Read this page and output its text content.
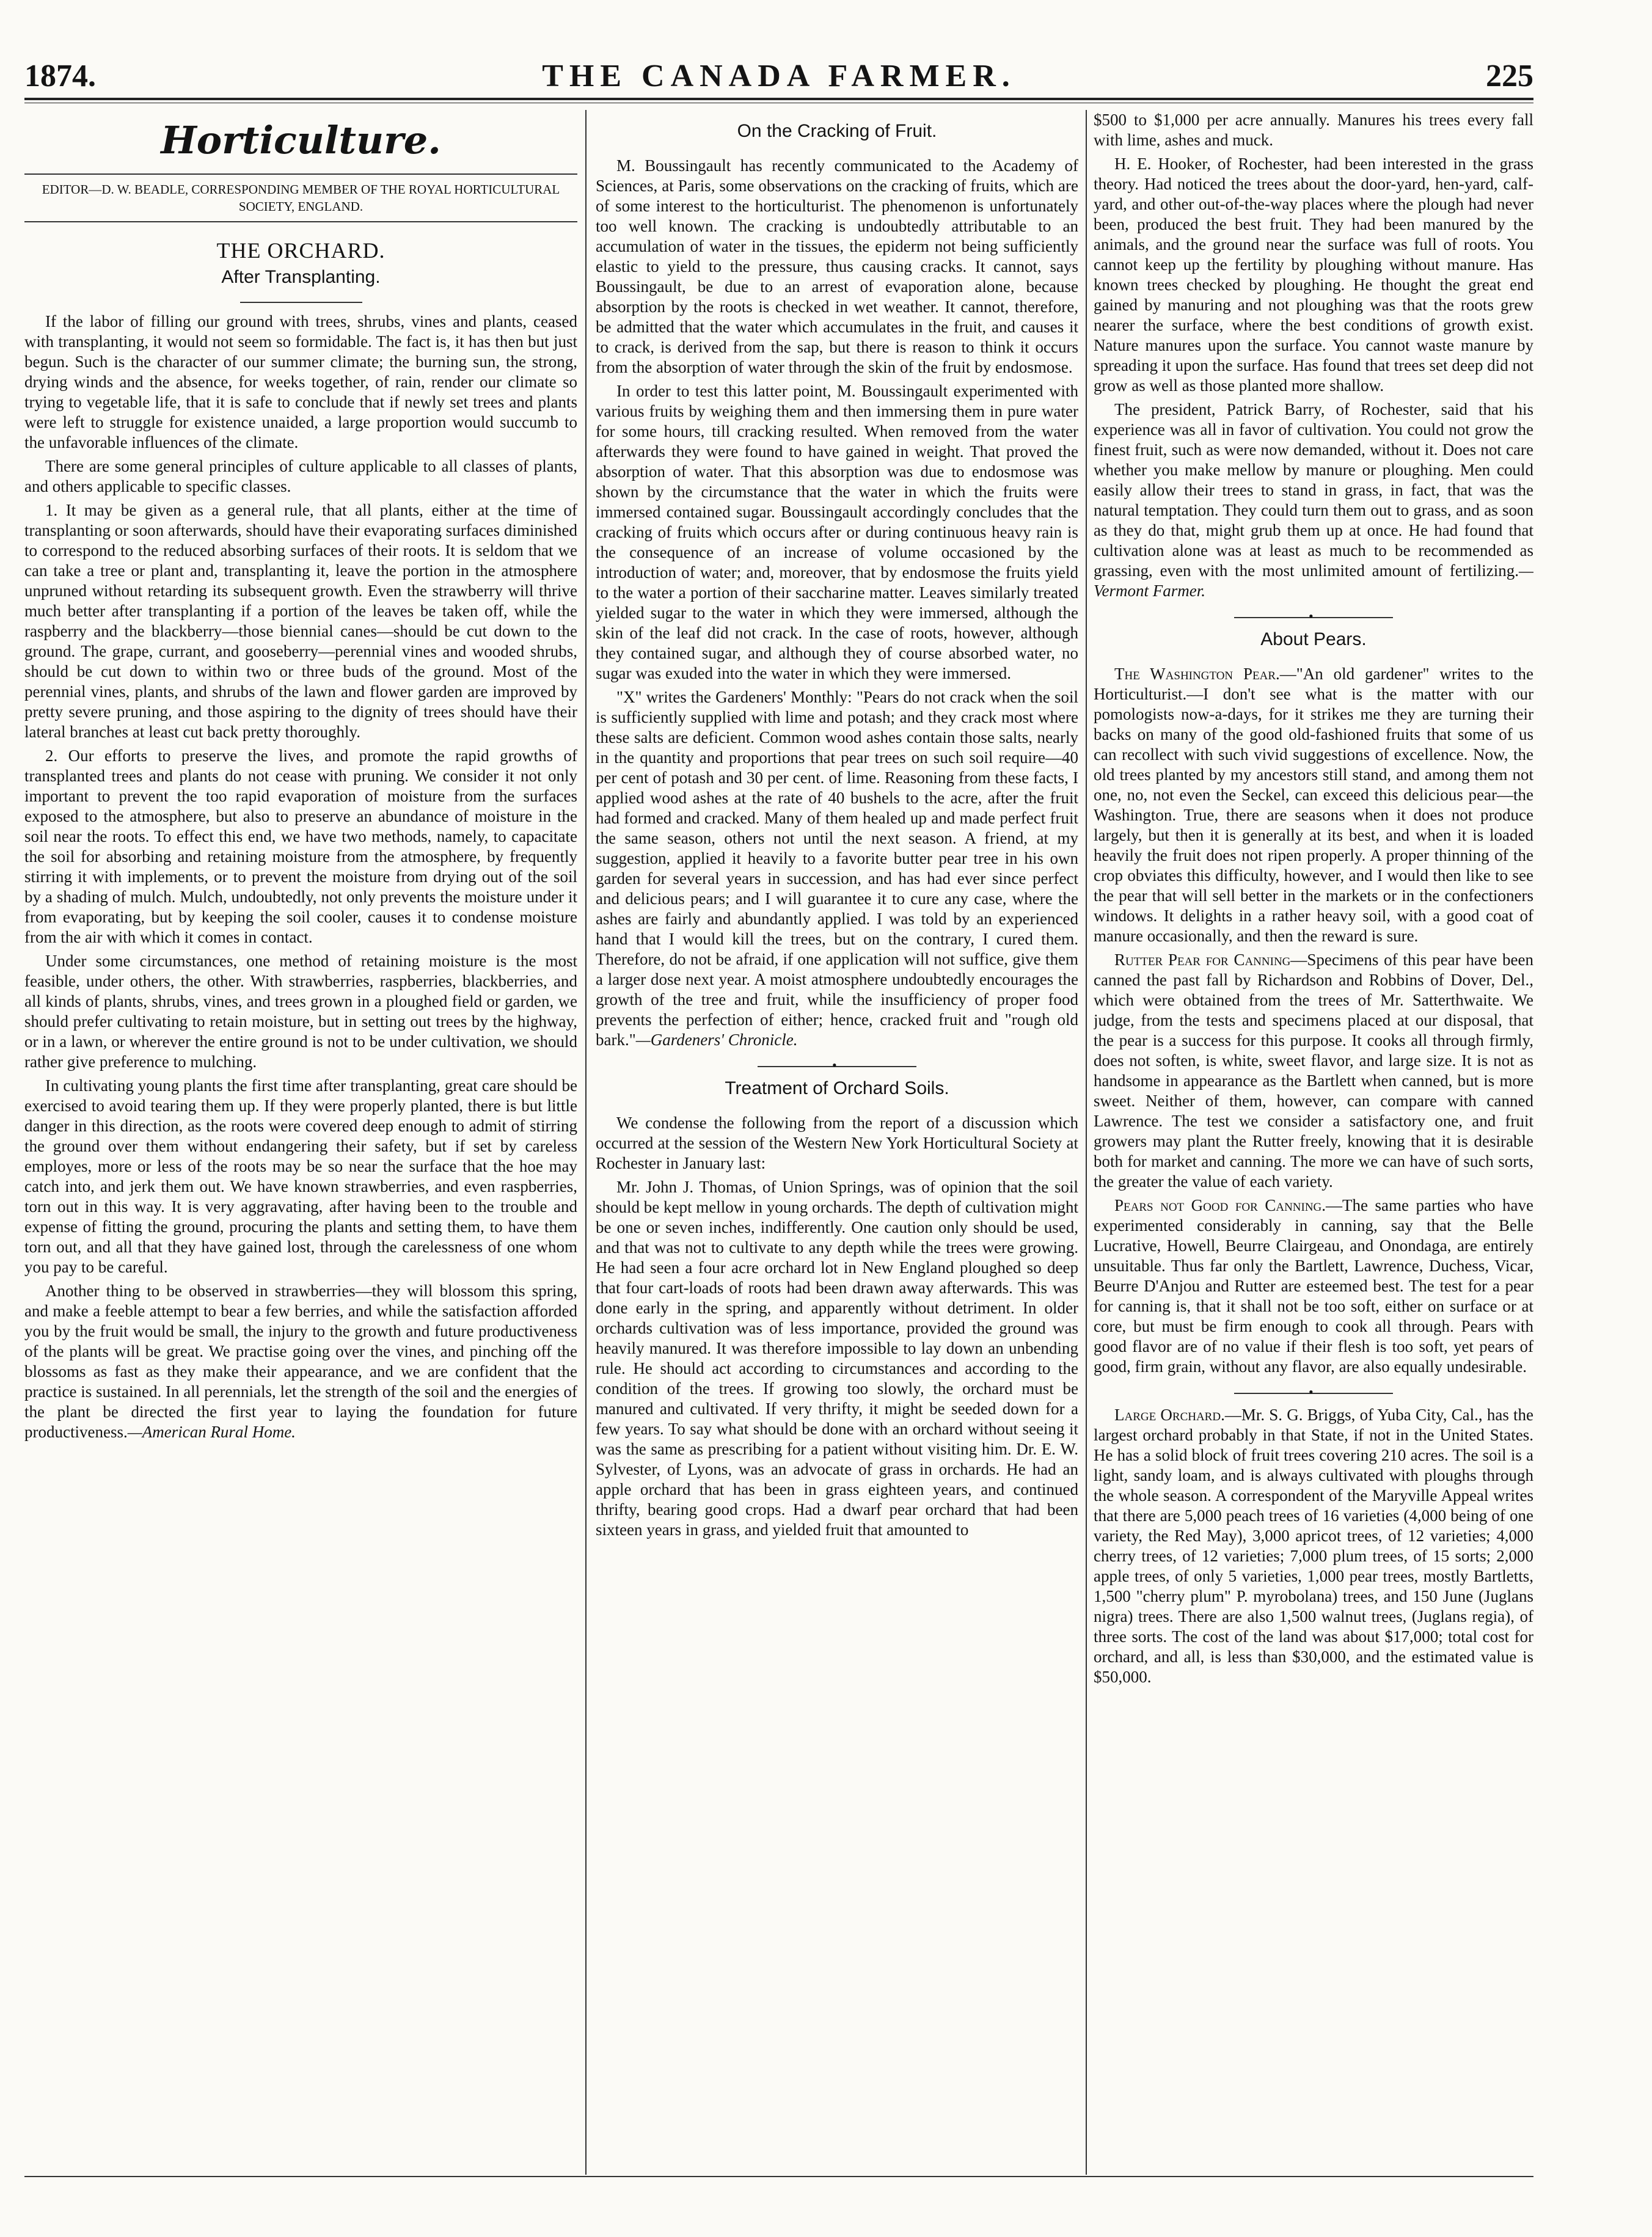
1874.	THE CANADA FARMER.	225
Horticulture.
EDITOR—D. W. BEADLE, CORRESPONDING MEMBER OF THE ROYAL HORTICULTURAL SOCIETY, ENGLAND.
THE ORCHARD.
After Transplanting.

If the labor of filling our ground with trees, shrubs, vines and plants, ceased with transplanting, it would not seem so formidable. The fact is, it has then but just begun. Such is the character of our summer climate; the burning sun, the strong, drying winds and the absence, for weeks together, of rain, render our climate so trying to vegetable life, that it is safe to conclude that if newly set trees and plants were left to struggle for existence unaided, a large proportion would succumb to the unfavorable influences of the climate.

There are some general principles of culture applicable to all classes of plants, and others applicable to specific classes.

1. It may be given as a general rule, that all plants, either at the time of transplanting or soon afterwards, should have their evaporating surfaces diminished to correspond to the reduced absorbing surfaces of their roots. It is seldom that we can take a tree or plant and, transplanting it, leave the portion in the atmosphere unpruned without retarding its subsequent growth. Even the strawberry will thrive much better after transplanting if a portion of the leaves be taken off, while the raspberry and the blackberry—those biennial canes—should be cut down to the ground. The grape, currant, and gooseberry—perennial vines and wooded shrubs, should be cut down to within two or three buds of the ground. Most of the perennial vines, plants, and shrubs of the lawn and flower garden are improved by pretty severe pruning, and those aspiring to the dignity of trees should have their lateral branches at least cut back pretty thoroughly.

2. Our efforts to preserve the lives, and promote the rapid growths of transplanted trees and plants do not cease with pruning. We consider it not only important to prevent the too rapid evaporation of moisture from the surfaces exposed to the atmosphere, but also to preserve an abundance of moisture in the soil near the roots. To effect this end, we have two methods, namely, to capacitate the soil for absorbing and retaining moisture from the atmosphere, by frequently stirring it with implements, or to prevent the moisture from drying out of the soil by a shading of mulch. Mulch, undoubtedly, not only prevents the moisture under it from evaporating, but by keeping the soil cooler, causes it to condense moisture from the air with which it comes in contact.

Under some circumstances, one method of retaining moisture is the most feasible, under others, the other. With strawberries, raspberries, blackberries, and all kinds of plants, shrubs, vines, and trees grown in a ploughed field or garden, we should prefer cultivating to retain moisture, but in setting out trees by the highway, or in a lawn, or wherever the entire ground is not to be under cultivation, we should rather give preference to mulching.

In cultivating young plants the first time after transplanting, great care should be exercised to avoid tearing them up. If they were properly planted, there is but little danger in this direction, as the roots were covered deep enough to admit of stirring the ground over them without endangering their safety, but if set by careless employes, more or less of the roots may be so near the surface that the hoe may catch into, and jerk them out. We have known strawberries, and even raspberries, torn out in this way. It is very aggravating, after having been to the trouble and expense of fitting the ground, procuring the plants and setting them, to have them torn out, and all that they have gained lost, through the carelessness of one whom you pay to be careful.

Another thing to be observed in strawberries—they will blossom this spring, and make a feeble attempt to bear a few berries, and while the satisfaction afforded you by the fruit would be small, the injury to the growth and future productiveness of the plants will be great. We practise going over the vines, and pinching off the blossoms as fast as they make their appearance, and we are confident that the practice is sustained. In all perennials, let the strength of the soil and the energies of the plant be directed the first year to laying the foundation for future productiveness.—American Rural Home.

On the Cracking of Fruit.

M. Boussingault has recently communicated to the Academy of Sciences, at Paris, some observations on the cracking of fruits, which are of some interest to the horticulturist. The phenomenon is unfortunately too well known. The cracking is undoubtedly attributable to an accumulation of water in the tissues, the epiderm not being sufficiently elastic to yield to the pressure, thus causing cracks. It cannot, says Boussingault, be due to an arrest of evaporation alone, because absorption by the roots is checked in wet weather. It cannot, therefore, be admitted that the water which accumulates in the fruit, and causes it to crack, is derived from the sap, but there is reason to think it occurs from the absorption of water through the skin of the fruit by endosmose.

In order to test this latter point, M. Boussingault experimented with various fruits by weighing them and then immersing them in pure water for some hours, till cracking resulted. When removed from the water afterwards they were found to have gained in weight. That proved the absorption of water. That this absorption was due to endosmose was shown by the circumstance that the water in which the fruits were immersed contained sugar. Boussingault accordingly concludes that the cracking of fruits which occurs after or during continuous heavy rain is the consequence of an increase of volume occasioned by the introduction of water; and, moreover, that by endosmose the fruits yield to the water a portion of their saccharine matter. Leaves similarly treated yielded sugar to the water in which they were immersed, although the skin of the leaf did not crack. In the case of roots, however, although they contained sugar, and although they of course absorbed water, no sugar was exuded into the water in which they were immersed.

"X" writes the Gardeners' Monthly: "Pears do not crack when the soil is sufficiently supplied with lime and potash; and they crack most where these salts are deficient. Common wood ashes contain those salts, nearly in the quantity and proportions that pear trees on such soil require—40 per cent of potash and 30 per cent. of lime. Reasoning from these facts, I applied wood ashes at the rate of 40 bushels to the acre, after the fruit had formed and cracked. Many of them healed up and made perfect fruit the same season, others not until the next season. A friend, at my suggestion, applied it heavily to a favorite butter pear tree in his own garden for several years in succession, and has had ever since perfect and delicious pears; and I will guarantee it to cure any case, where the ashes are fairly and abundantly applied. I was told by an experienced hand that I would kill the trees, but on the contrary, I cured them. Therefore, do not be afraid, if one application will not suffice, give them a larger dose next year. A moist atmosphere undoubtedly encourages the growth of the tree and fruit, while the insufficiency of proper food prevents the perfection of either; hence, cracked fruit and "rough old bark."—Gardeners' Chronicle.

•
Treatment of Orchard Soils.

We condense the following from the report of a discussion which occurred at the session of the Western New York Horticultural Society at Rochester in January last:

Mr. John J. Thomas, of Union Springs, was of opinion that the soil should be kept mellow in young orchards. The depth of cultivation might be one or seven inches, indifferently. One caution only should be used, and that was not to cultivate to any depth while the trees were growing. He had seen a four acre orchard lot in New England ploughed so deep that four cart-loads of roots had been drawn away afterwards. This was done early in the spring, and apparently without detriment. In older orchards cultivation was of less importance, provided the ground was heavily manured. It was therefore impossible to lay down an unbending rule. He should act according to circumstances and according to the condition of the trees. If growing too slowly, the orchard must be manured and cultivated. If very thrifty, it might be seeded down for a few years. To say what should be done with an orchard without seeing it was the same as prescribing for a patient without visiting him. Dr. E. W. Sylvester, of Lyons, was an advocate of grass in orchards. He had an apple orchard that has been in grass eighteen years, and continued thrifty, bearing good crops. Had a dwarf pear orchard that had been sixteen years in grass, and yielded fruit that amounted to

$500 to $1,000 per acre annually. Manures his trees every fall with lime, ashes and muck.

H. E. Hooker, of Rochester, had been interested in the grass theory. Had noticed the trees about the door-yard, hen-yard, calf-yard, and other out-of-the-way places where the plough had never been, produced the best fruit. They had been manured by the animals, and the ground near the surface was full of roots. You cannot keep up the fertility by ploughing without manure. Has known trees checked by ploughing. He thought the great end gained by manuring and not ploughing was that the roots grew nearer the surface, where the best conditions of growth exist. Nature manures upon the surface. You cannot waste manure by spreading it upon the surface. Has found that trees set deep did not grow as well as those planted more shallow.

The president, Patrick Barry, of Rochester, said that his experience was all in favor of cultivation. You could not grow the finest fruit, such as were now demanded, without it. Does not care whether you make mellow by manure or ploughing. Men could easily allow their trees to stand in grass, in fact, that was the natural temptation. They could turn them out to grass, and as soon as they do that, might grub them up at once. He had found that cultivation alone was at least as much to be recommended as grassing, even with the most unlimited amount of fertilizing.—Vermont Farmer.

•
About Pears.

The Washington Pear.—"An old gardener" writes to the Horticulturist.—I don't see what is the matter with our pomologists now-a-days, for it strikes me they are turning their backs on many of the good old-fashioned fruits that some of us can recollect with such vivid suggestions of excellence. Now, the old trees planted by my ancestors still stand, and among them not one, no, not even the Seckel, can exceed this delicious pear—the Washington. True, there are seasons when it does not produce largely, but then it is generally at its best, and when it is loaded heavily the fruit does not ripen properly. A proper thinning of the crop obviates this difficulty, however, and I would then like to see the pear that will sell better in the markets or in the confectioners windows. It delights in a rather heavy soil, with a good coat of manure occasionally, and then the reward is sure.

Rutter Pear for Canning—Specimens of this pear have been canned the past fall by Richardson and Robbins of Dover, Del., which were obtained from the trees of Mr. Satterthwaite. We judge, from the tests and specimens placed at our disposal, that the pear is a success for this purpose. It cooks all through firmly, does not soften, is white, sweet flavor, and large size. It is not as handsome in appearance as the Bartlett when canned, but is more sweet. Neither of them, however, can compare with canned Lawrence. The test we consider a satisfactory one, and fruit growers may plant the Rutter freely, knowing that it is desirable both for market and canning. The more we can have of such sorts, the greater the value of each variety.

Pears not Good for Canning.—The same parties who have experimented considerably in canning, say that the Belle Lucrative, Howell, Beurre Clairgeau, and Onondaga, are entirely unsuitable. Thus far only the Bartlett, Lawrence, Duchess, Vicar, Beurre D'Anjou and Rutter are esteemed best. The test for a pear for canning is, that it shall not be too soft, either on surface or at core, but must be firm enough to cook all through. Pears with good flavor are of no value if their flesh is too soft, yet pears of good, firm grain, without any flavor, are also equally undesirable.

•

Large Orchard.—Mr. S. G. Briggs, of Yuba City, Cal., has the largest orchard probably in that State, if not in the United States. He has a solid block of fruit trees covering 210 acres. The soil is a light, sandy loam, and is always cultivated with ploughs through the whole season. A correspondent of the Maryville Appeal writes that there are 5,000 peach trees of 16 varieties (4,000 being of one variety, the Red May), 3,000 apricot trees, of 12 varieties; 4,000 cherry trees, of 12 varieties; 7,000 plum trees, of 15 sorts; 2,000 apple trees, of only 5 varieties, 1,000 pear trees, mostly Bartletts, 1,500 "cherry plum" P. myrobolana) trees, and 150 June (Juglans nigra) trees. There are also 1,500 walnut trees, (Juglans regia), of three sorts. The cost of the land was about $17,000; total cost for orchard, and all, is less than $30,000, and the estimated value is $50,000.
